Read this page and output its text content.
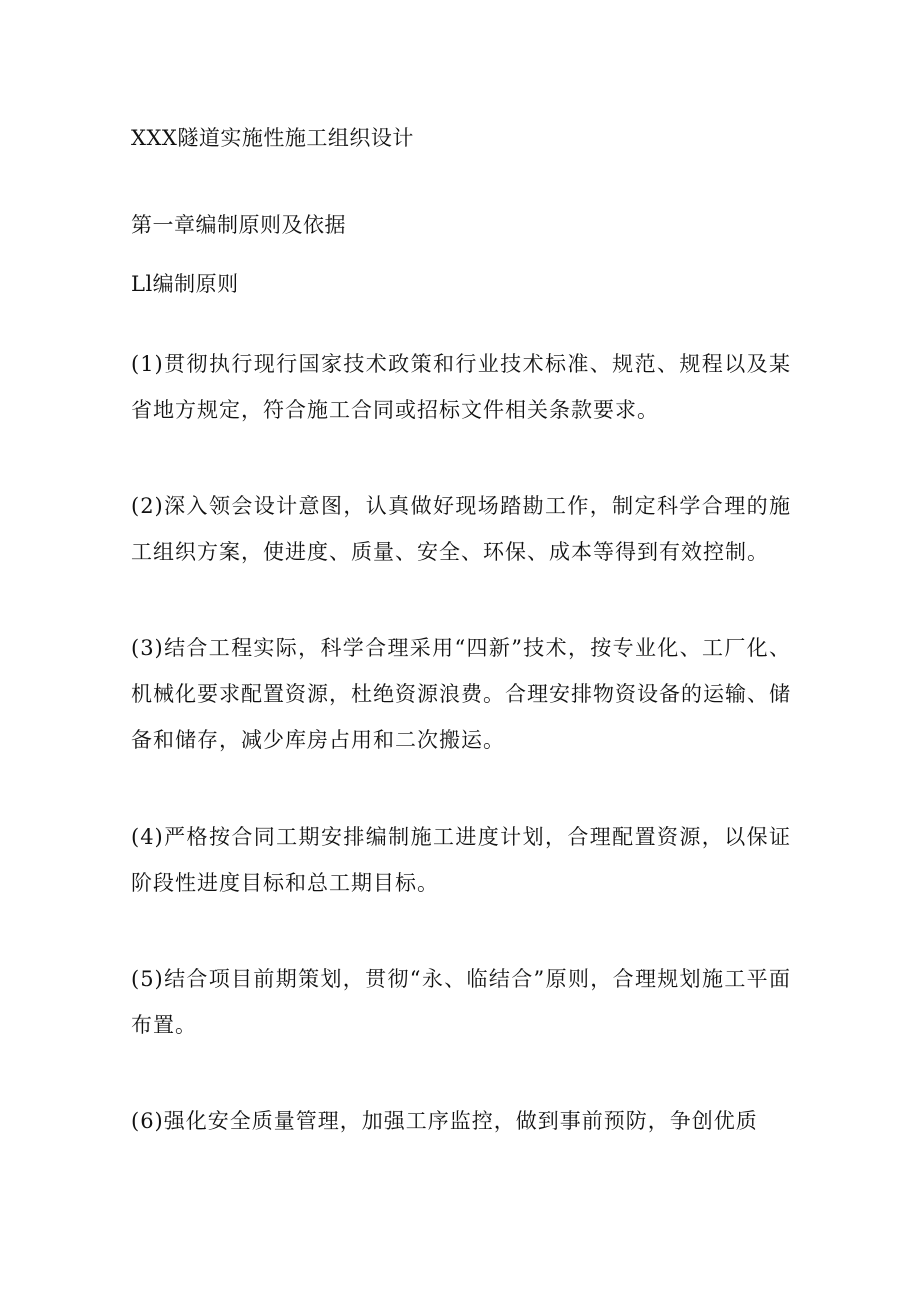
XXX隧道实施性施工组织设计
第一章编制原则及依据
Ll编制原则
(1)贯彻执行现行国家技术政策和行业技术标准、规范、规程以及某省地方规定，符合施工合同或招标文件相关条款要求。
(2)深入领会设计意图，认真做好现场踏勘工作，制定科学合理的施工组织方案，使进度、质量、安全、环保、成本等得到有效控制。
(3)结合工程实际，科学合理采用“四新”技术，按专业化、工厂化、机械化要求配置资源，杜绝资源浪费。合理安排物资设备的运输、储备和储存，减少库房占用和二次搬运。
(4)严格按合同工期安排编制施工进度计划，合理配置资源，以保证阶段性进度目标和总工期目标。
(5)结合项目前期策划，贯彻“永、临结合”原则，合理规划施工平面布置。
(6)强化安全质量管理，加强工序监控，做到事前预防，争创优质
